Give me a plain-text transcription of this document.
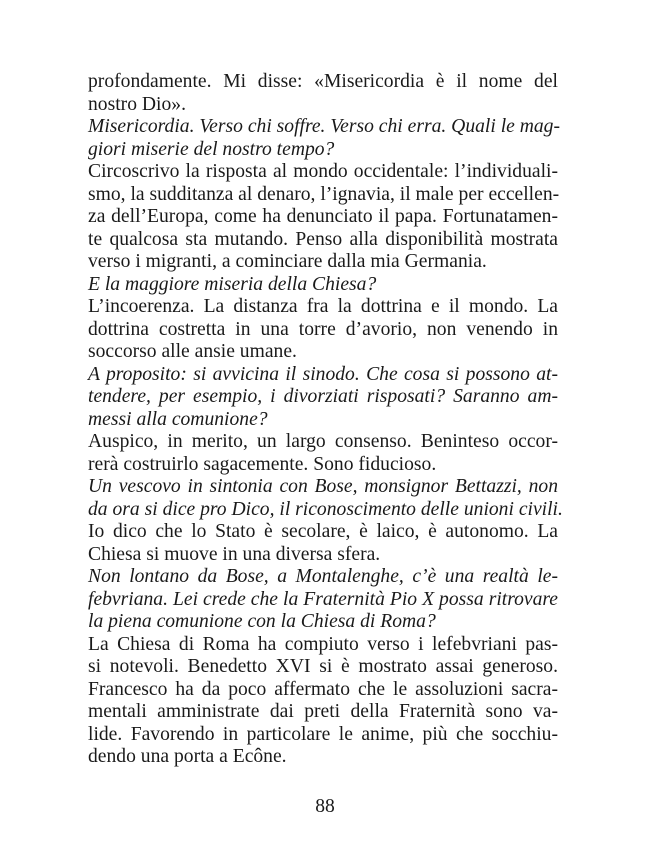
profondamente. Mi disse: «Misericordia è il nome del
nostro Dio».
Misericordia. Verso chi soffre. Verso chi erra. Quali le mag-
giori miserie del nostro tempo?
Circoscrivo la risposta al mondo occidentale: l’individuali-
smo, la sudditanza al denaro, l’ignavia, il male per eccellen-
za dell’Europa, come ha denunciato il papa. Fortunatamen-
te qualcosa sta mutando. Penso alla disponibilità mostrata
verso i migranti, a cominciare dalla mia Germania.
E la maggiore miseria della Chiesa?
L’incoerenza. La distanza fra la dottrina e il mondo. La
dottrina costretta in una torre d’avorio, non venendo in
soccorso alle ansie umane.
A proposito: si avvicina il sinodo. Che cosa si possono at-
tendere, per esempio, i divorziati risposati? Saranno am-
messi alla comunione?
Auspico, in merito, un largo consenso. Beninteso occor-
rerà costruirlo sagacemente. Sono fiducioso.
Un vescovo in sintonia con Bose, monsignor Bettazzi, non
da ora si dice pro Dico, il riconoscimento delle unioni civili.
Io dico che lo Stato è secolare, è laico, è autonomo. La
Chiesa si muove in una diversa sfera.
Non lontano da Bose, a Montalenghe, c’è una realtà le-
febvriana. Lei crede che la Fraternità Pio X possa ritrovare
la piena comunione con la Chiesa di Roma?
La Chiesa di Roma ha compiuto verso i lefebvriani pas-
si notevoli. Benedetto XVI si è mostrato assai generoso.
Francesco ha da poco affermato che le assoluzioni sacra-
mentali amministrate dai preti della Fraternità sono va-
lide. Favorendo in particolare le anime, più che socchiu-
dendo una porta a Ecône.
88
